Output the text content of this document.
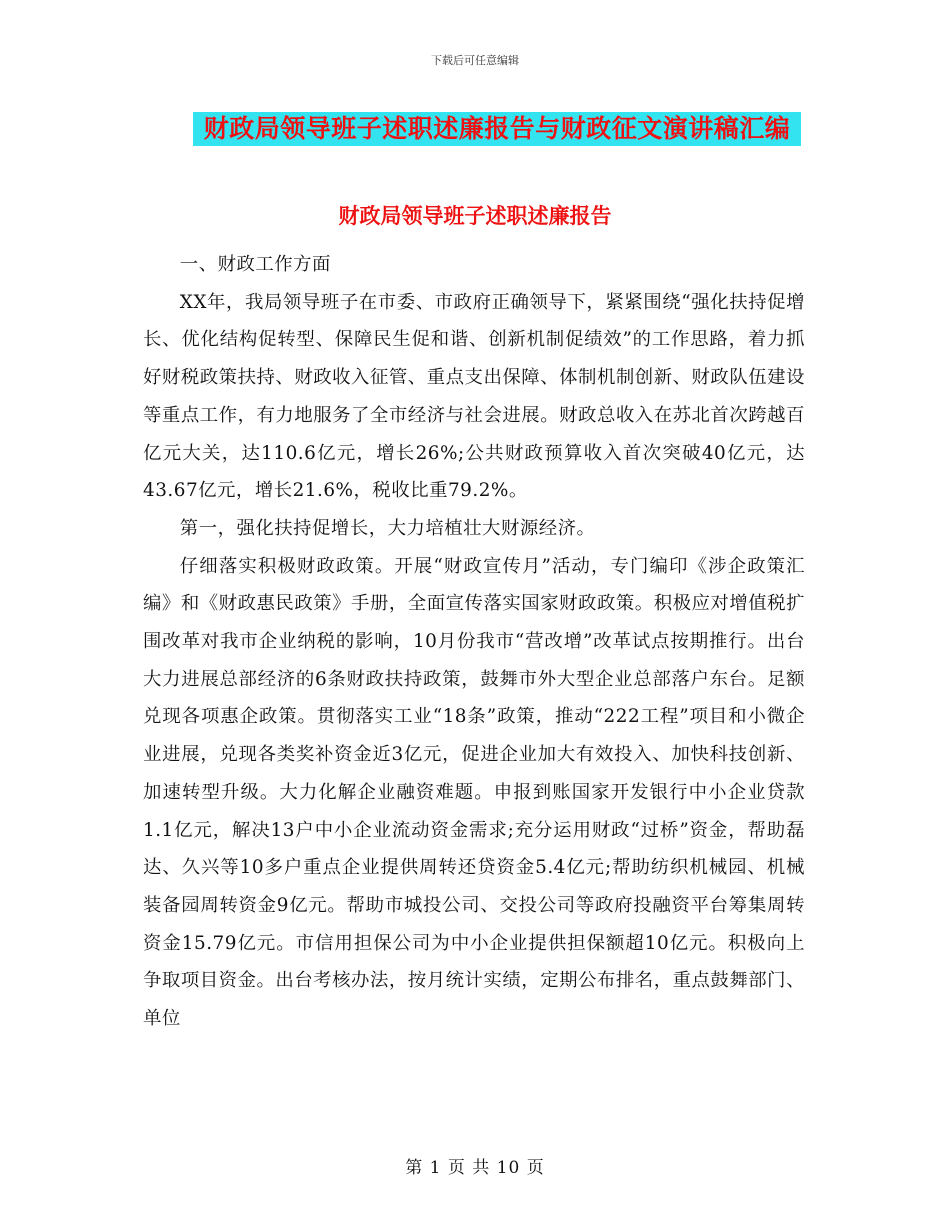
下载后可任意编辑
财政局领导班子述职述廉报告与财政征文演讲稿汇编
财政局领导班子述职述廉报告

一、财政工作方面

XX年，我局领导班子在市委、市政府正确领导下，紧紧围绕“强化扶持促增长、优化结构促转型、保障民生促和谐、创新机制促绩效”的工作思路，着力抓好财税政策扶持、财政收入征管、重点支出保障、体制机制创新、财政队伍建设等重点工作，有力地服务了全市经济与社会进展。财政总收入在苏北首次跨越百亿元大关，达110.6亿元，增长26%;公共财政预算收入首次突破40亿元，达43.67亿元，增长21.6%，税收比重79.2%。

第一，强化扶持促增长，大力培植壮大财源经济。

仔细落实积极财政政策。开展“财政宣传月”活动，专门编印《涉企政策汇编》和《财政惠民政策》手册，全面宣传落实国家财政政策。积极应对增值税扩围改革对我市企业纳税的影响，10月份我市“营改增”改革试点按期推行。出台大力进展总部经济的6条财政扶持政策，鼓舞市外大型企业总部落户东台。足额兑现各项惠企政策。贯彻落实工业“18条”政策，推动“222工程”项目和小微企业进展，兑现各类奖补资金近3亿元，促进企业加大有效投入、加快科技创新、加速转型升级。大力化解企业融资难题。申报到账国家开发银行中小企业贷款1.1亿元，解决13户中小企业流动资金需求;充分运用财政“过桥”资金，帮助磊达、久兴等10多户重点企业提供周转还贷资金5.4亿元;帮助纺织机械园、机械装备园周转资金9亿元。帮助市城投公司、交投公司等政府投融资平台筹集周转资金15.79亿元。市信用担保公司为中小企业提供担保额超10亿元。积极向上争取项目资金。出台考核办法，按月统计实绩，定期公布排名，重点鼓舞部门、单位

第 1 页 共 10 页
